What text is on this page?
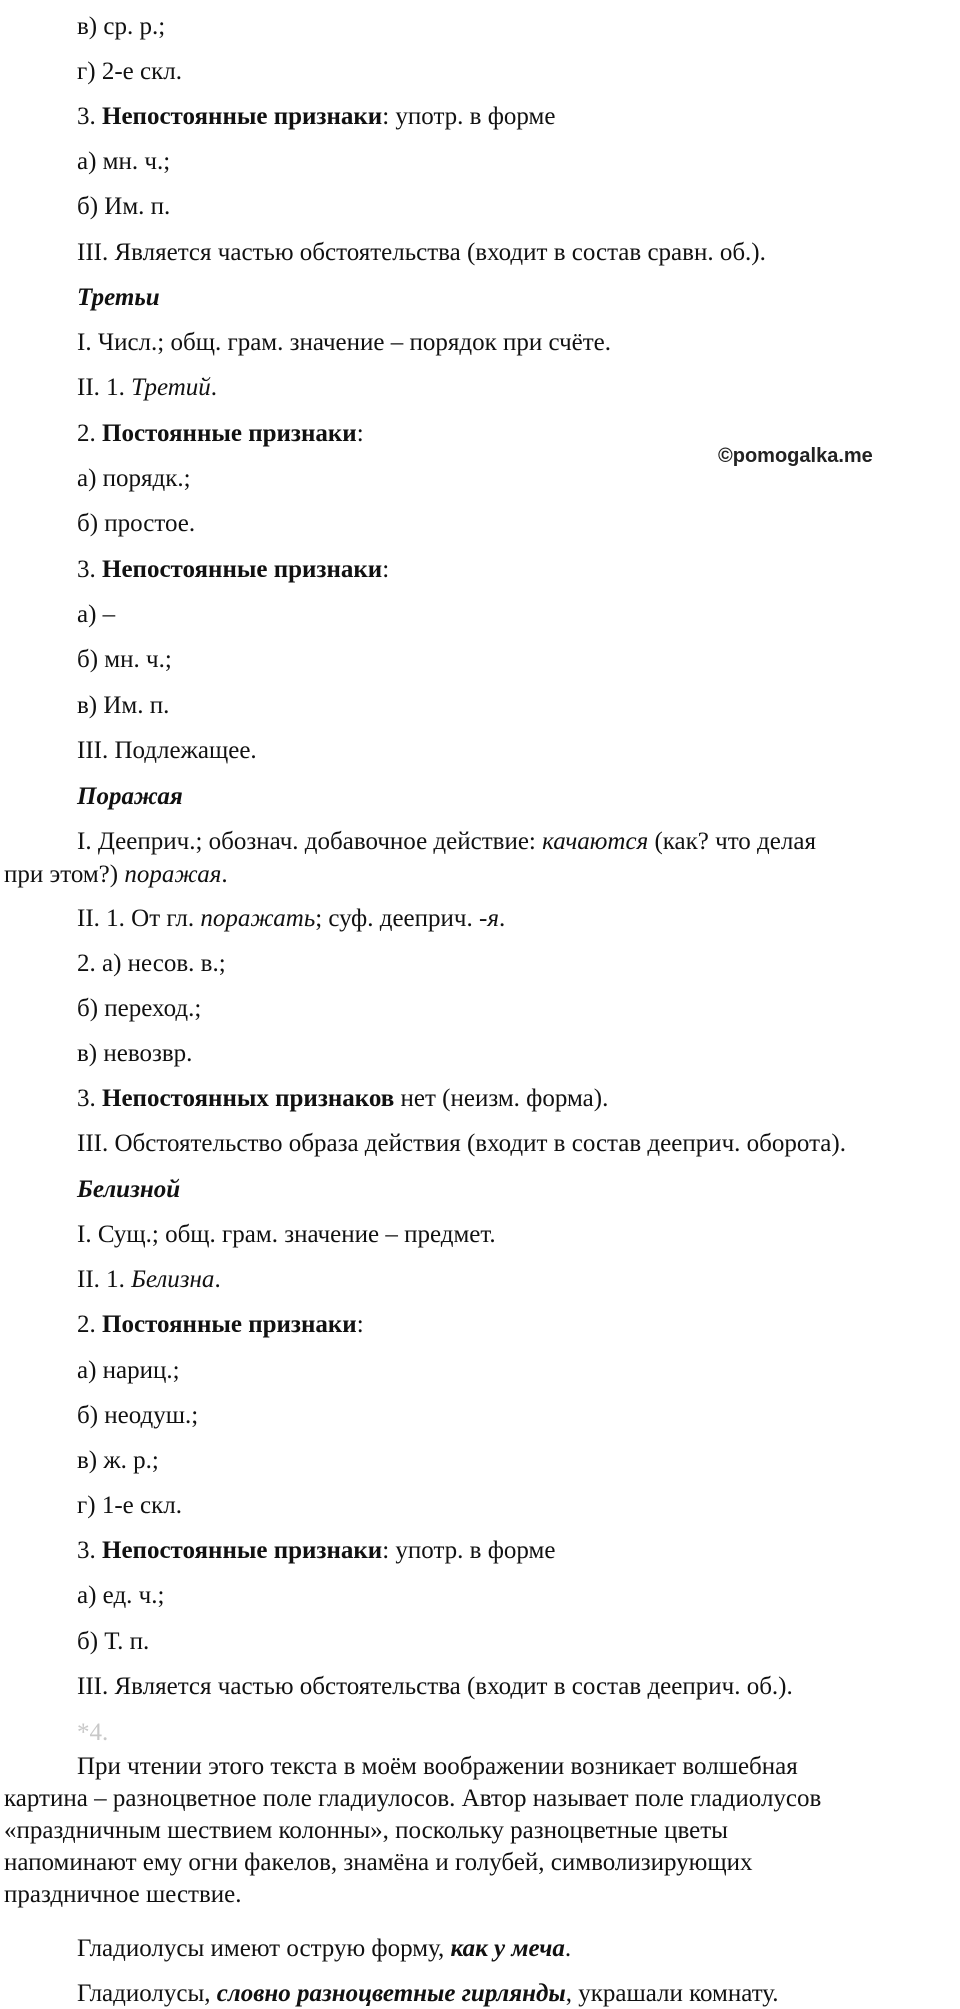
©pomogalka.me
в) ср. р.;
г) 2-е скл.
3. Непостоянные признаки: употр. в форме
а) мн. ч.;
б) Им. п.
III. Является частью обстоятельства (входит в состав сравн. об.).
Третьи
I. Числ.; общ. грам. значение – порядок при счёте.
II. 1. Третий.
2. Постоянные признаки:
а) порядк.;
б) простое.
3. Непостоянные признаки:
а) –
б) мн. ч.;
в) Им. п.
III. Подлежащее.
Поражая
I. Дееприч.; обознач. добавочное действие: качаются (как? что делая
при этом?) поражая.
II. 1. От гл. поражать; суф. дееприч. -я.
2. а) несов. в.;
б) переход.;
в) невозвр.
3. Непостоянных признаков нет (неизм. форма).
III. Обстоятельство образа действия (входит в состав дееприч. оборота).
Белизной
I. Сущ.; общ. грам. значение – предмет.
II. 1. Белизна.
2. Постоянные признаки:
а) нариц.;
б) неодуш.;
в) ж. р.;
г) 1-е скл.
3. Непостоянные признаки: употр. в форме
а) ед. ч.;
б) Т. п.
III. Является частью обстоятельства (входит в состав дееприч. об.).
*4.
При чтении этого текста в моём воображении возникает волшебная
картина – разноцветное поле гладиулосов. Автор называет поле гладиолусов
«праздничным шествием колонны», поскольку разноцветные цветы
напоминают ему огни факелов, знамёна и голубей, символизирующих
праздничное шествие.
Гладиолусы имеют острую форму, как у меча.
Гладиолусы, словно разноцветные гирлянды, украшали комнату.
